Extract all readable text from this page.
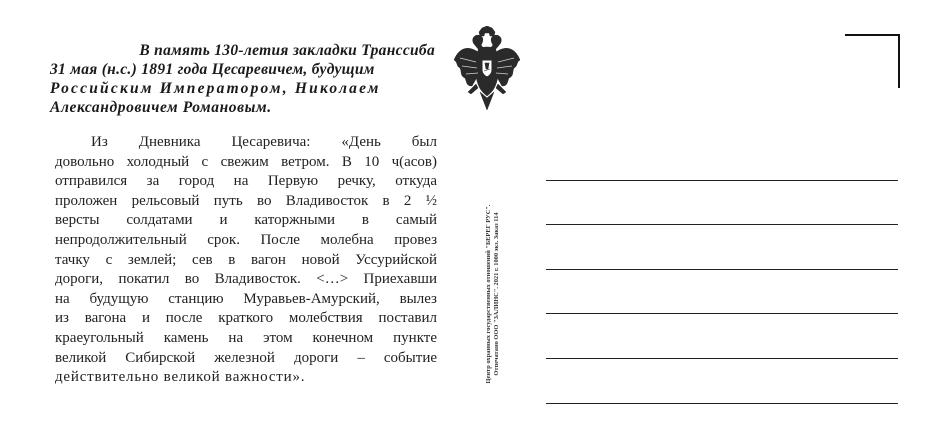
В память 130-летия закладки Транссиба
31 мая (н.с.) 1891 года Цесаревичем, будущим
Российским Императором, Николаем
Александровичем Романовым.
Из Дневника Цесаревича: «День был
довольно холодный с свежим ветром. В 10 ч(асов)
отправился за город на Первую речку, откуда
проложен рельсовый путь во Владивосток в 2 ½
версты солдатами и каторжными в самый
непродолжительный срок. После молебна провез
тачку с землей; сев в вагон новой Уссурийской
дороги, покатил во Владивосток. <…> Приехавши
на будущую станцию Муравьев-Амурский, вылез
из вагона и после краткого молебствия поставил
краеугольный камень на этом конечном пункте
великой Сибирской железной дороги – событие
действительно великой важности».	Центр охранных государственных отношений "БЕРЕГ РУС". Отпечатано ООО "ЗАЛИНС". 2021 г. 1000 экз. Заказ 114
